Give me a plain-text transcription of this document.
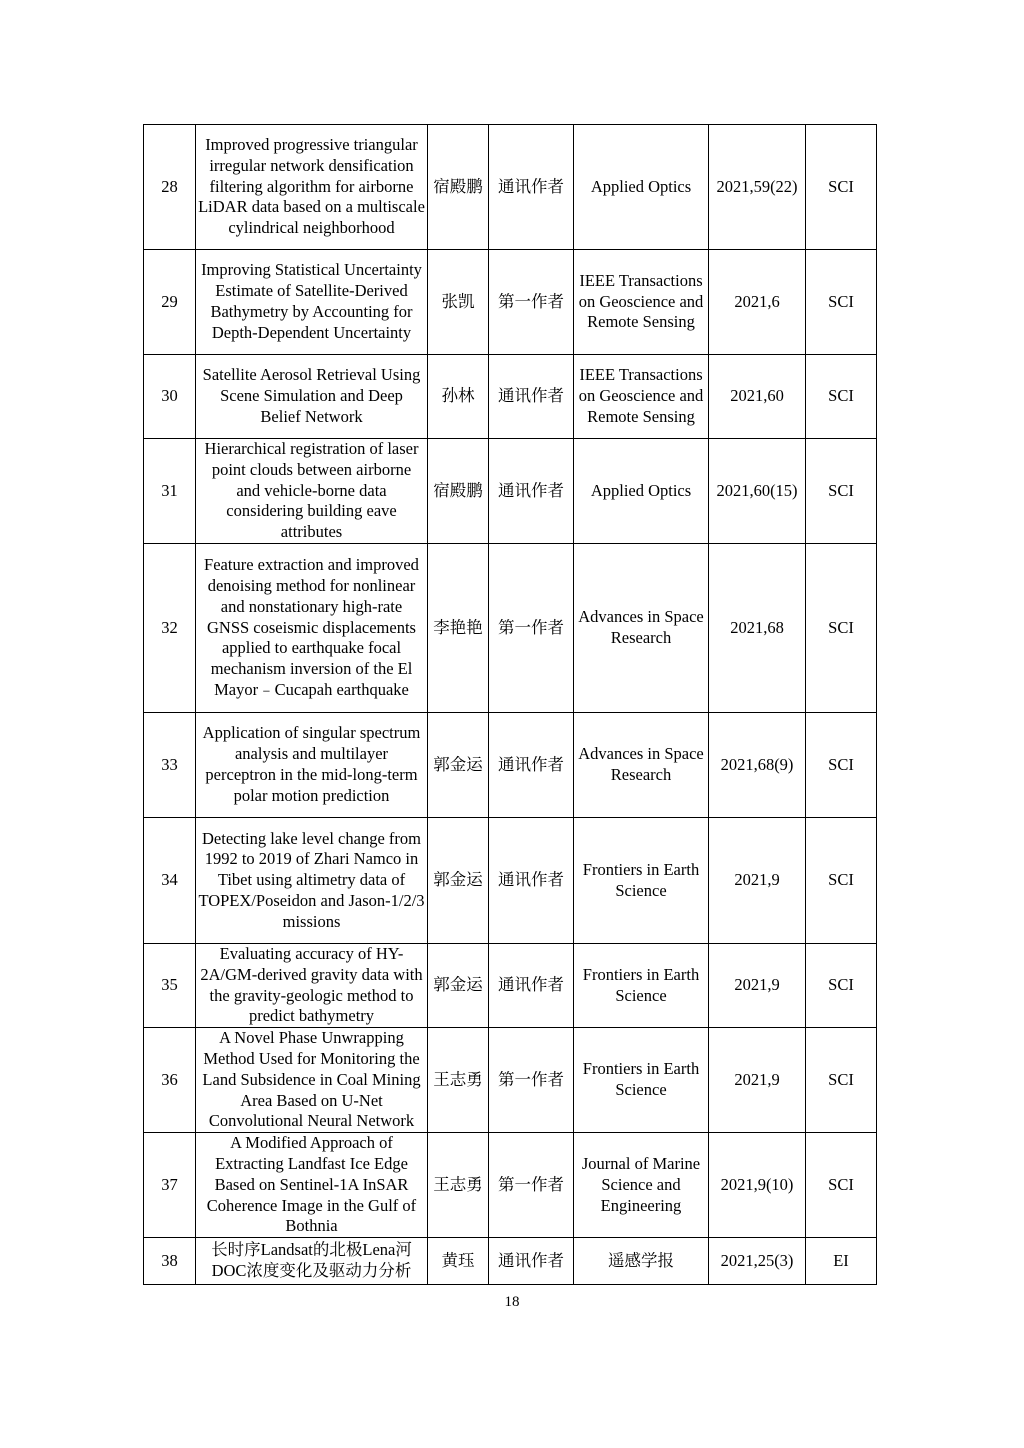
28	Improved progressive triangular irregular network densification filtering algorithm for airborne LiDAR data based on a multiscale cylindrical neighborhood	宿殿鹏	通讯作者	Applied Optics	2021,59(22)	SCI
29	Improving Statistical Uncertainty Estimate of Satellite-Derived Bathymetry by Accounting for Depth-Dependent Uncertainty	张凯	第一作者	IEEE Transactions on Geoscience and Remote Sensing	2021,6	SCI
30	Satellite Aerosol Retrieval Using Scene Simulation and Deep Belief Network	孙林	通讯作者	IEEE Transactions on Geoscience and Remote Sensing	2021,60	SCI
31	Hierarchical registration of laser point clouds between airborne and vehicle-borne data considering building eave attributes	宿殿鹏	通讯作者	Applied Optics	2021,60(15)	SCI
32	Feature extraction and improved denoising method for nonlinear and nonstationary high-rate GNSS coseismic displacements applied to earthquake focal mechanism inversion of the El Mayor﹣Cucapah earthquake	李艳艳	第一作者	Advances in Space Research	2021,68	SCI
33	Application of singular spectrum analysis and multilayer perceptron in the mid-long-term polar motion prediction	郭金运	通讯作者	Advances in Space Research	2021,68(9)	SCI
34	Detecting lake level change from 1992 to 2019 of Zhari Namco in Tibet using altimetry data of TOPEX/Poseidon and Jason-1/2/3 missions	郭金运	通讯作者	Frontiers in Earth Science	2021,9	SCI
35	Evaluating accuracy of HY-2A/GM-derived gravity data with the gravity-geologic method to predict bathymetry	郭金运	通讯作者	Frontiers in Earth Science	2021,9	SCI
36	A Novel Phase Unwrapping Method Used for Monitoring the Land Subsidence in Coal Mining Area Based on U-Net Convolutional Neural Network	王志勇	第一作者	Frontiers in Earth Science	2021,9	SCI
37	A Modified Approach of Extracting Landfast Ice Edge Based on Sentinel-1A InSAR Coherence Image in the Gulf of Bothnia	王志勇	第一作者	Journal of Marine Science and Engineering	2021,9(10)	SCI
38	长时序Landsat的北极Lena河DOC浓度变化及驱动力分析	黄珏	通讯作者	遥感学报	2021,25(3)	EI
18
